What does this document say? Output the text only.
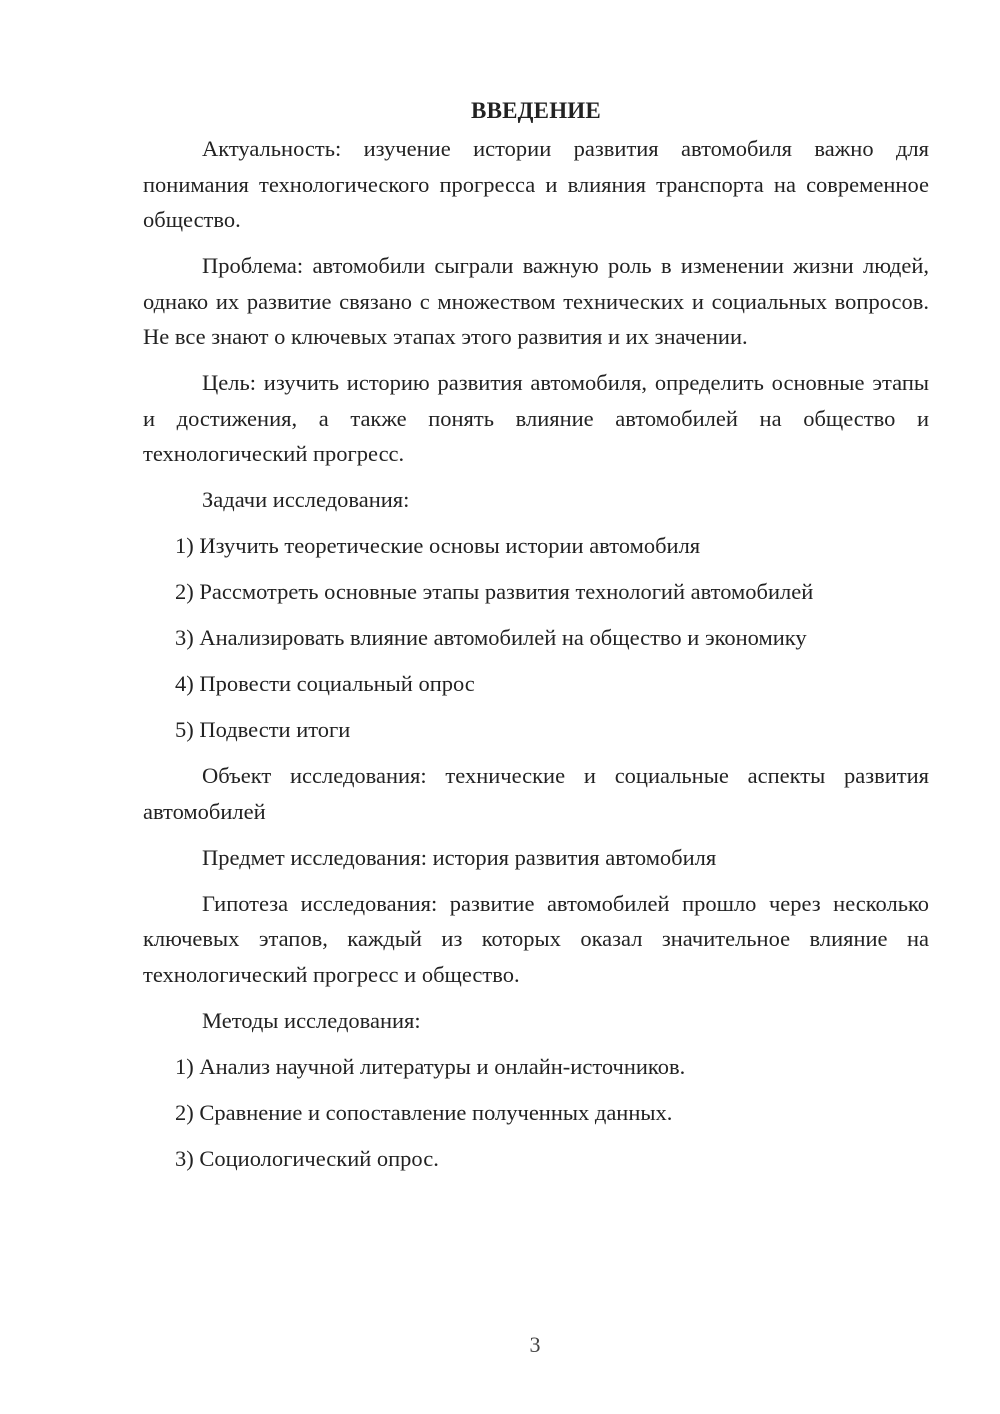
ВВЕДЕНИЕ

Актуальность: изучение истории развития автомобиля важно для понимания технологического прогресса и влияния транспорта на современное общество.

Проблема: автомобили сыграли важную роль в изменении жизни людей, однако их развитие связано с множеством технических и социальных вопросов. Не все знают о ключевых этапах этого развития и их значении.

Цель: изучить историю развития автомобиля, определить основные этапы и достижения, а также понять влияние автомобилей на общество и технологический прогресс.

Задачи исследования:

1) Изучить теоретические основы истории автомобиля
2) Рассмотреть основные этапы развития технологий автомобилей
3) Анализировать влияние автомобилей на общество и экономику
4) Провести социальный опрос
5) Подвести итоги

Объект исследования: технические и социальные аспекты развития автомобилей

Предмет исследования: история развития автомобиля

Гипотеза исследования: развитие автомобилей прошло через несколько ключевых этапов, каждый из которых оказал значительное влияние на технологический прогресс и общество.

Методы исследования:

1) Анализ научной литературы и онлайн-источников.
2) Сравнение и сопоставление полученных данных.
3) Социологический опрос.
3
